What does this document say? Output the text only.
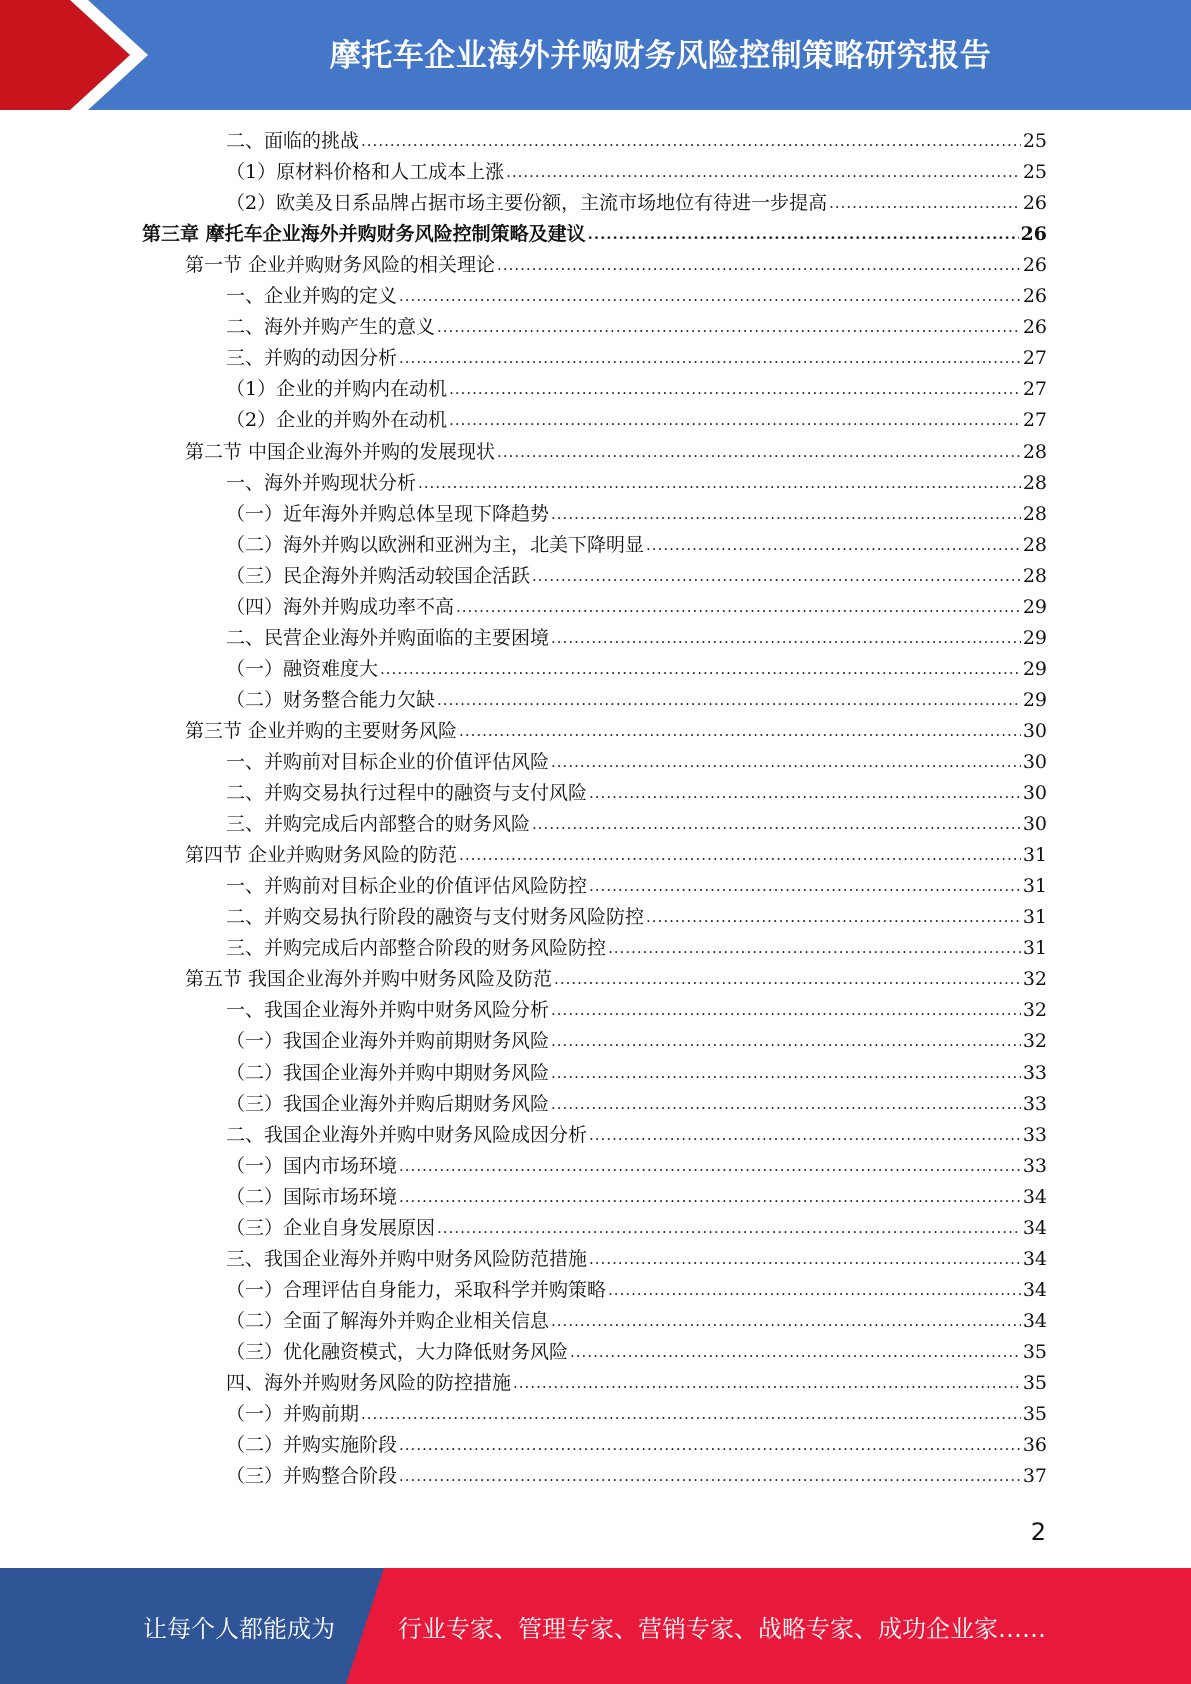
摩托车企业海外并购财务风险控制策略研究报告
二、面临的挑战 .....	25
（1）原材料价格和人工成本上涨 .....	25
（2）欧美及日系品牌占据市场主要份额，主流市场地位有待进一步提高 .....	26
第三章 摩托车企业海外并购财务风险控制策略及建议 .....	26
第一节 企业并购财务风险的相关理论 .....	26
一、企业并购的定义 .....	26
二、海外并购产生的意义 .....	26
三、并购的动因分析 .....	27
（1）企业的并购内在动机 .....	27
（2）企业的并购外在动机 .....	27
第二节 中国企业海外并购的发展现状 .....	28
一、海外并购现状分析 .....	28
（一）近年海外并购总体呈现下降趋势 .....	28
（二）海外并购以欧洲和亚洲为主，北美下降明显 .....	28
（三）民企海外并购活动较国企活跃 .....	28
（四）海外并购成功率不高 .....	29
二、民营企业海外并购面临的主要困境 .....	29
（一）融资难度大 .....	29
（二）财务整合能力欠缺 .....	29
第三节 企业并购的主要财务风险 .....	30
一、并购前对目标企业的价值评估风险 .....	30
二、并购交易执行过程中的融资与支付风险 .....	30
三、并购完成后内部整合的财务风险 .....	30
第四节 企业并购财务风险的防范 .....	31
一、并购前对目标企业的价值评估风险防控 .....	31
二、并购交易执行阶段的融资与支付财务风险防控 .....	31
三、并购完成后内部整合阶段的财务风险防控 .....	31
第五节 我国企业海外并购中财务风险及防范 .....	32
一、我国企业海外并购中财务风险分析 .....	32
（一）我国企业海外并购前期财务风险 .....	32
（二）我国企业海外并购中期财务风险 .....	33
（三）我国企业海外并购后期财务风险 .....	33
二、我国企业海外并购中财务风险成因分析 .....	33
（一）国内市场环境 .....	33
（二）国际市场环境 .....	34
（三）企业自身发展原因 .....	34
三、我国企业海外并购中财务风险防范措施 .....	34
（一）合理评估自身能力，采取科学并购策略 .....	34
（二）全面了解海外并购企业相关信息 .....	34
（三）优化融资模式，大力降低财务风险 .....	35
四、海外并购财务风险的防控措施 .....	35
（一）并购前期 .....	35
（二）并购实施阶段 .....	36
（三）并购整合阶段 .....	37
2
让每个人都能成为	行业专家、管理专家、营销专家、战略专家、成功企业家……
